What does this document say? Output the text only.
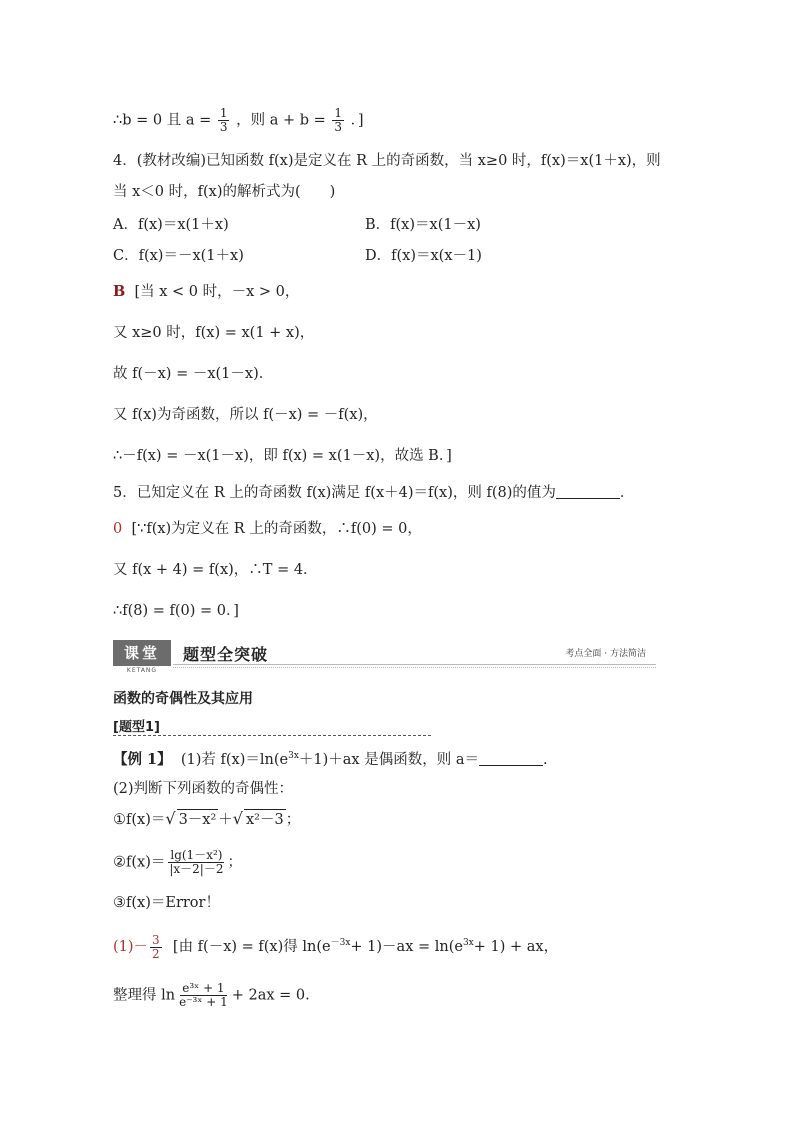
∴b = 0 且 $a = \frac{1}{3}$ ，则 $a + b = \frac{1}{3}$ ．]
4．(教材改编)已知函数 f(x)是定义在 R 上的奇函数，当 x≥0 时，f(x)＝x(1＋x)，则
当 x＜0 时，f(x)的解析式为(　　)
A．f(x)＝x(1＋x)	B．f(x)＝x(1－x)
C．f(x)＝－x(1＋x)	D．f(x)＝x(x－1)
B [当 x < 0 时，－x > 0，
又 x≥0 时，f(x) = x(1 + x)，
故 f(－x) = －x(1－x)．
又 f(x)为奇函数，所以 f(－x) = －f(x)，
∴－f(x) = －x(1－x)，即 f(x) = x(1－x)，故选 B．]
5．已知定义在 R 上的奇函数 f(x)满足 f(x＋4)＝f(x)，则 f(8)的值为	．
0 [∵f(x)为定义在 R 上的奇函数，∴f(0) = 0，
又 f(x + 4) = f(x)，∴T = 4．
∴f(8) = f(0) = 0．]
课堂
KETANG
题型全突破	考点全面 · 方法简洁
函数的奇偶性及其应用
[题型1]
【例 1】 (1)若 $f(x)=\ln(e^{3x}+1)+ax$ 是偶函数，则 a＝	.
(2)判断下列函数的奇偶性：
①f(x)＝√ 3－x² ＋√ x²－3 ；
②f(x)＝ $\frac{\text{lg(1－x²)}}{|x-2|-2}$ ；
③f(x)＝Error！
$(1)- \frac{3}{2}$ [由 f(－x) = f(x)得 $\ln(e^{-3x}+ 1)-ax = \ln(e^{3x}+ 1)$ + ax，
整理得 $\ln \frac{\text{e³ˣ + 1}}{\text{e⁻³ˣ + 1}} + 2ax = 0$.
